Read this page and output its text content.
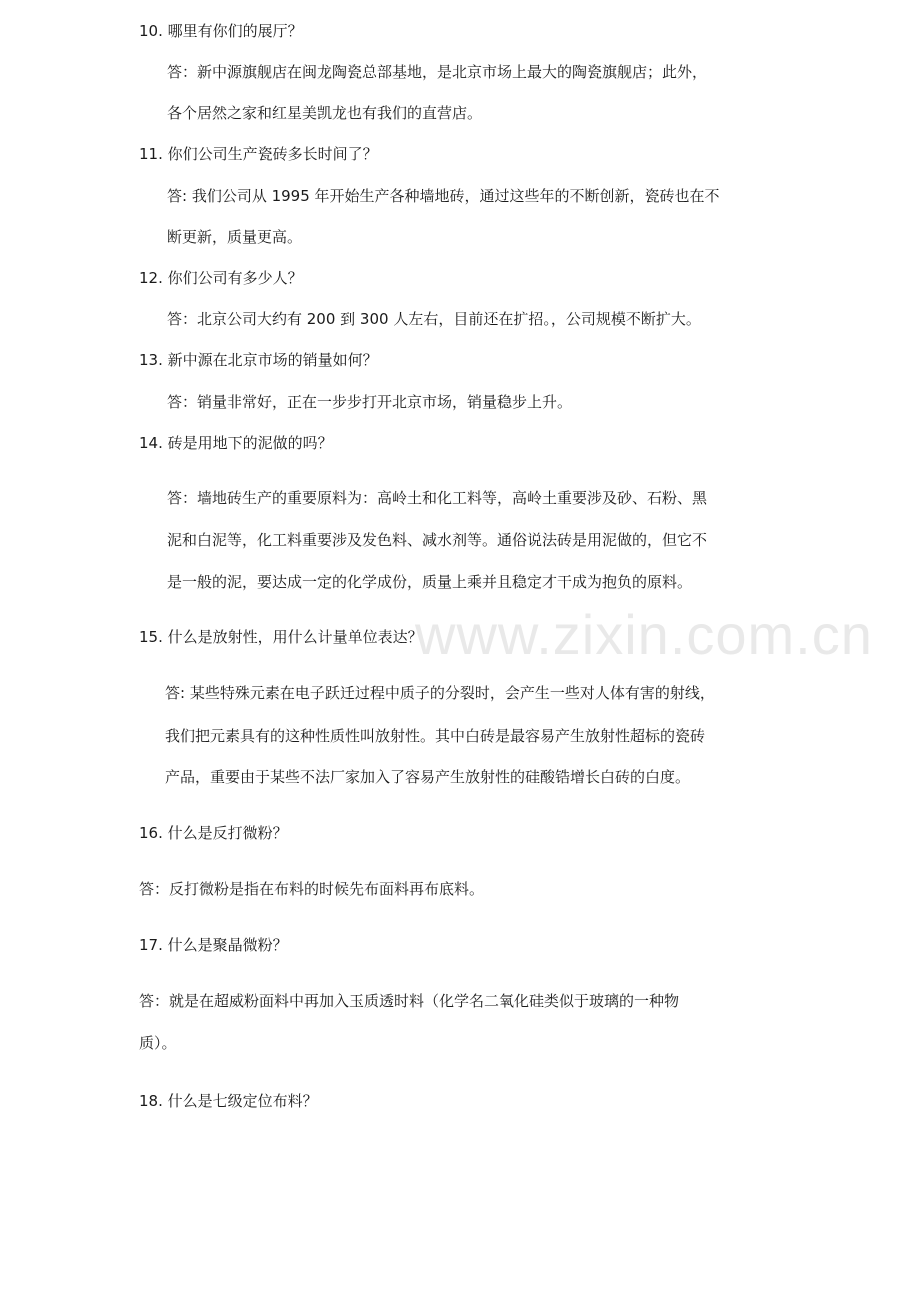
www.zixin.com.cn
10. 哪里有你们的展厅？
答：新中源旗舰店在闽龙陶瓷总部基地，是北京市场上最大的陶瓷旗舰店；此外，
各个居然之家和红星美凯龙也有我们的直营店。
11. 你们公司生产瓷砖多长时间了？
答: 我们公司从 1995 年开始生产各种墙地砖，通过这些年的不断创新，瓷砖也在不
断更新，质量更高。
12. 你们公司有多少人？
答：北京公司大约有 200 到 300 人左右，目前还在扩招。，公司规模不断扩大。
13. 新中源在北京市场的销量如何？
答：销量非常好，正在一步步打开北京市场，销量稳步上升。
14. 砖是用地下的泥做的吗？
答：墙地砖生产的重要原料为：高岭土和化工料等，高岭土重要涉及砂、石粉、黑
泥和白泥等，化工料重要涉及发色料、减水剂等。通俗说法砖是用泥做的，但它不
是一般的泥，要达成一定的化学成份，质量上乘并且稳定才干成为抱负的原料。
15. 什么是放射性，用什么计量单位表达？
答: 某些特殊元素在电子跃迁过程中质子的分裂时，会产生一些对人体有害的射线，
我们把元素具有的这种性质性叫放射性。其中白砖是最容易产生放射性超标的瓷砖
产品，重要由于某些不法厂家加入了容易产生放射性的硅酸锆增长白砖的白度。
16. 什么是反打微粉？
答：反打微粉是指在布料的时候先布面料再布底料。
17. 什么是聚晶微粉？
答：就是在超威粉面料中再加入玉质透时料（化学名二氧化硅类似于玻璃的一种物
质）。
18. 什么是七级定位布料？
